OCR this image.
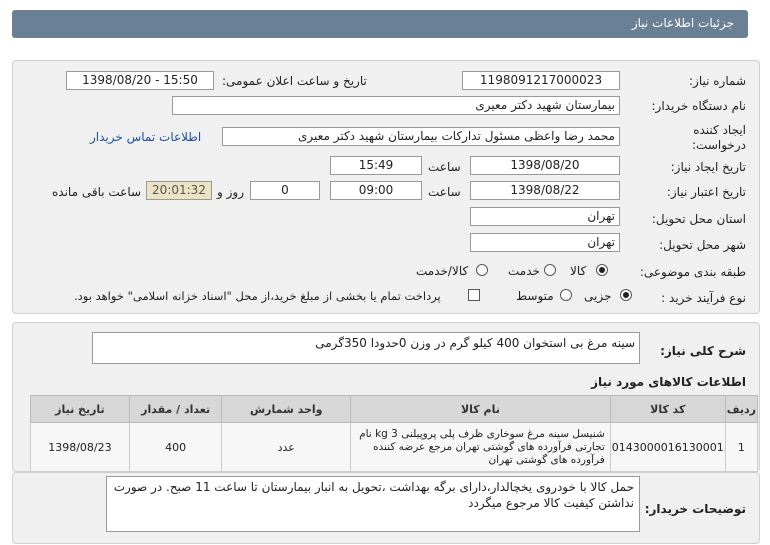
جزئیات اطلاعات نیاز
شماره نیاز:
1198091217000023
تاریخ و ساعت اعلان عمومی:
1398/08/20 - 15:50
نام دستگاه خریدار:
بیمارستان شهید دکتر معیری
ایجاد کننده
درخواست:
محمد رضا واعظی مسئول تداركات بیمارستان شهید دکتر معیری
اطلاعات تماس خریدار
تاریخ ایجاد نیاز:
1398/08/20
ساعت
15:49
تاریخ اعتبار نیاز:
1398/08/22
ساعت
09:00
0
روز و
20:01:32
ساعت باقی مانده
استان محل تحویل:
تهران
شهر محل تحویل:
تهران
طبقه بندی موضوعی:
کالا
خدمت
کالا/خدمت
نوع فرآیند خرید :
جزیی
متوسط
پرداخت تمام یا بخشی از مبلغ خرید،از محل "اسناد خزانه اسلامی" خواهد بود.
شرح کلی نیاز:
سینه مرغ بی استخوان 400 کیلو گرم در وزن 0حدودا 350گرمی
اطلاعات کالاهای مورد نیاز
ردیف	کد کالا	نام کالا	واحد شمارش	تعداد / مقدار	تاریخ نیاز
1	0143000016130001	شنیسل سینه مرغ سوخاری ظرف پلی پروپیلنی 3 kg نام تجارتی فرآورده های گوشتی تهران مرجع عرضه کننده فرآورده های گوشتی تهران	عدد	400	1398/08/23
توضیحات خریدار:
حمل کالا با خودروی یخچالدار،دارای برگه بهداشت ،تحویل به انبار بیمارستان تا ساعت 11 صبح. در صورت نداشتن کیفیت کالا مرجوع میگردد
